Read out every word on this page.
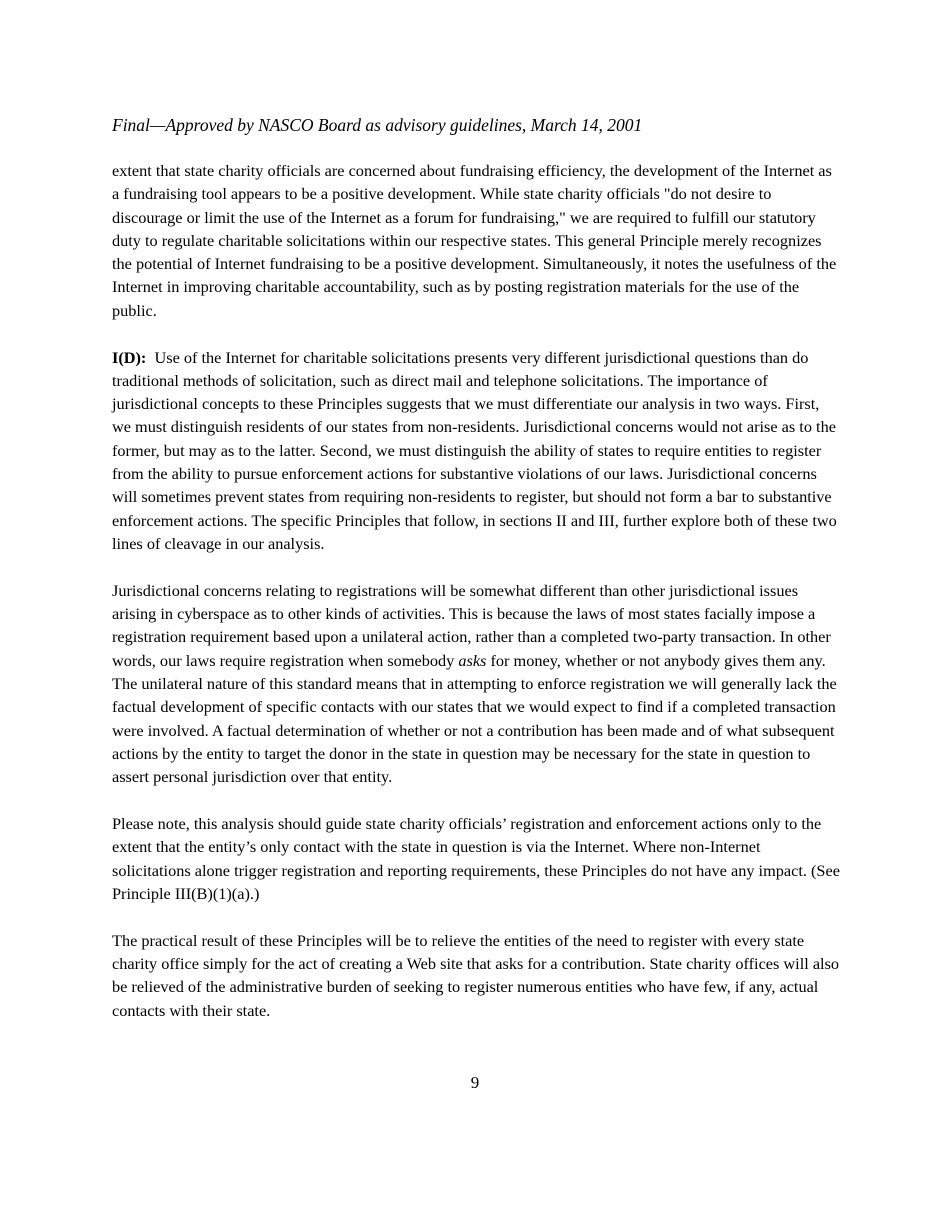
Final—Approved by NASCO Board as advisory guidelines, March 14, 2001

extent that state charity officials are concerned about fundraising efficiency, the development of the Internet as a fundraising tool appears to be a positive development. While state charity officials "do not desire to discourage or limit the use of the Internet as a forum for fundraising," we are required to fulfill our statutory duty to regulate charitable solicitations within our respective states. This general Principle merely recognizes the potential of Internet fundraising to be a positive development. Simultaneously, it notes the usefulness of the Internet in improving charitable accountability, such as by posting registration materials for the use of the public.

I(D): Use of the Internet for charitable solicitations presents very different jurisdictional questions than do traditional methods of solicitation, such as direct mail and telephone solicitations. The importance of jurisdictional concepts to these Principles suggests that we must differentiate our analysis in two ways. First, we must distinguish residents of our states from non-residents. Jurisdictional concerns would not arise as to the former, but may as to the latter. Second, we must distinguish the ability of states to require entities to register from the ability to pursue enforcement actions for substantive violations of our laws. Jurisdictional concerns will sometimes prevent states from requiring non-residents to register, but should not form a bar to substantive enforcement actions. The specific Principles that follow, in sections II and III, further explore both of these two lines of cleavage in our analysis.

Jurisdictional concerns relating to registrations will be somewhat different than other jurisdictional issues arising in cyberspace as to other kinds of activities. This is because the laws of most states facially impose a registration requirement based upon a unilateral action, rather than a completed two-party transaction. In other words, our laws require registration when somebody asks for money, whether or not anybody gives them any. The unilateral nature of this standard means that in attempting to enforce registration we will generally lack the factual development of specific contacts with our states that we would expect to find if a completed transaction were involved. A factual determination of whether or not a contribution has been made and of what subsequent actions by the entity to target the donor in the state in question may be necessary for the state in question to assert personal jurisdiction over that entity.

Please note, this analysis should guide state charity officials’ registration and enforcement actions only to the extent that the entity’s only contact with the state in question is via the Internet. Where non-Internet solicitations alone trigger registration and reporting requirements, these Principles do not have any impact. (See Principle III(B)(1)(a).)

The practical result of these Principles will be to relieve the entities of the need to register with every state charity office simply for the act of creating a Web site that asks for a contribution. State charity offices will also be relieved of the administrative burden of seeking to register numerous entities who have few, if any, actual contacts with their state.

9
